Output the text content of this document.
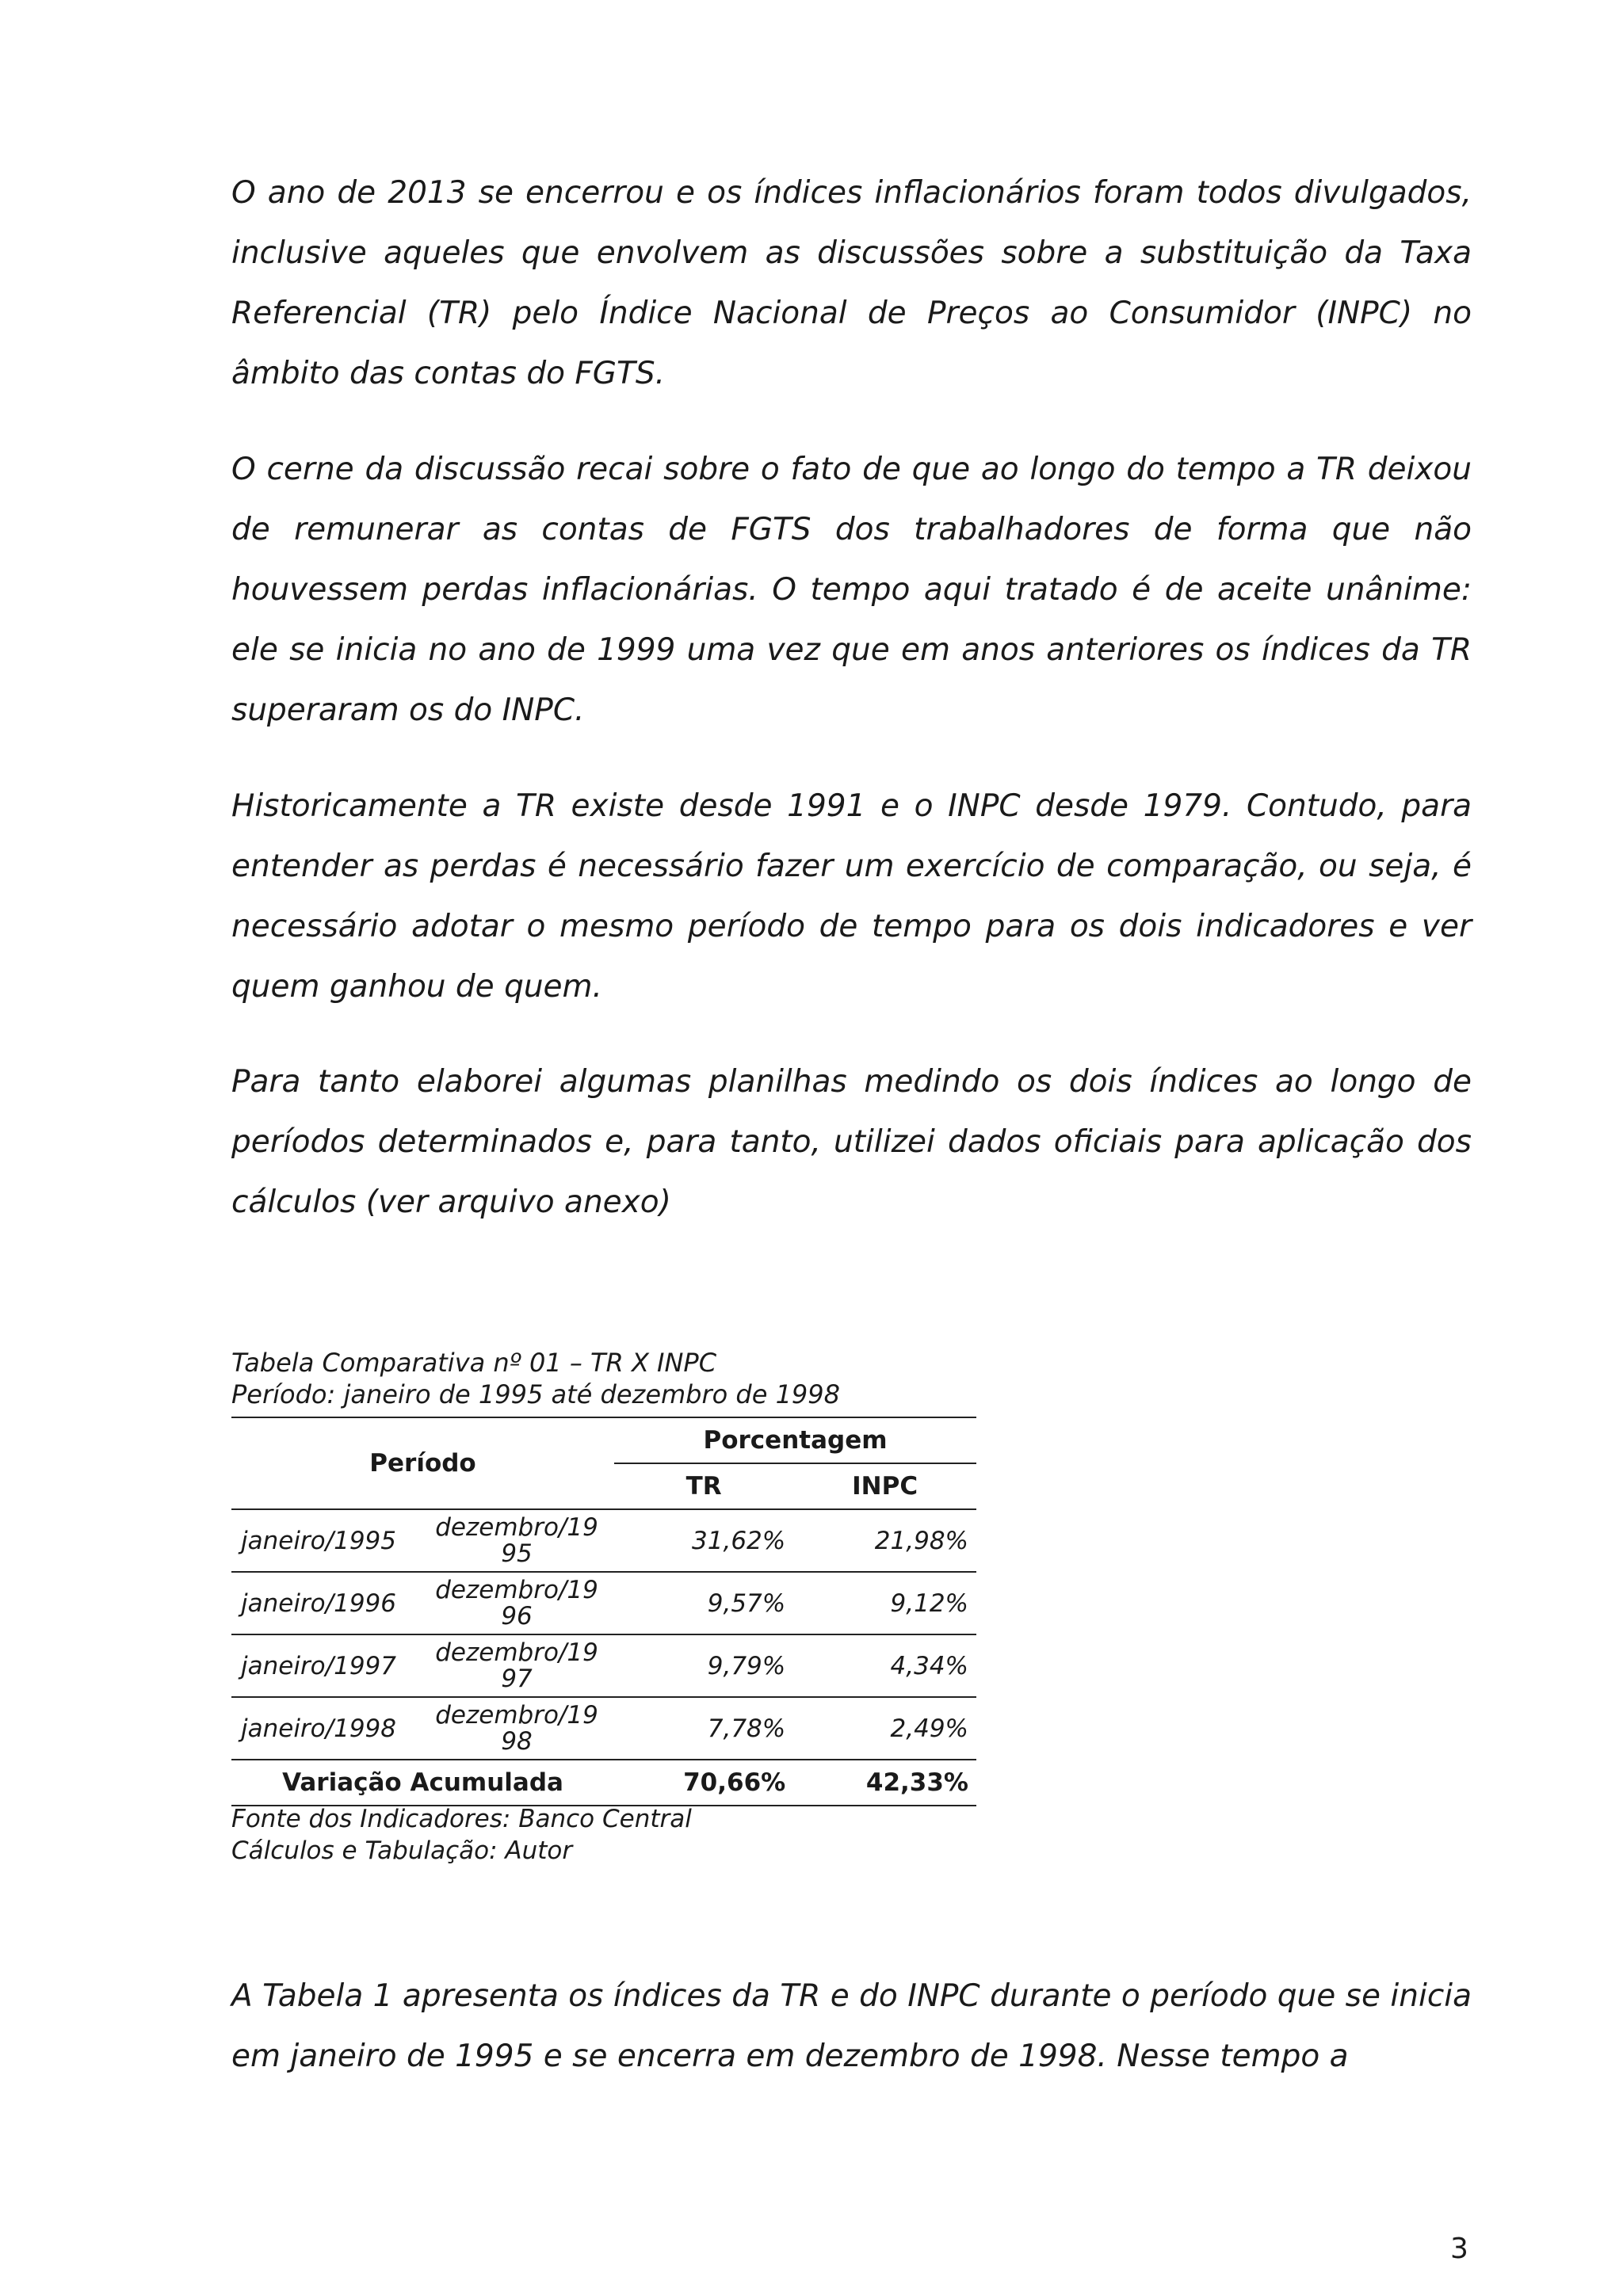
O ano de 2013 se encerrou e os índices inflacionários foram todos divulgados, inclusive aqueles que envolvem as discussões sobre a substituição da Taxa Referencial (TR) pelo Índice Nacional de Preços ao Consumidor (INPC) no âmbito das contas do FGTS.

O cerne da discussão recai sobre o fato de que ao longo do tempo a TR deixou de remunerar as contas de FGTS dos trabalhadores de forma que não houvessem perdas inflacionárias. O tempo aqui tratado é de aceite unânime: ele se inicia no ano de 1999 uma vez que em anos anteriores os índices da TR superaram os do INPC.

Historicamente a TR existe desde 1991 e o INPC desde 1979. Contudo, para entender as perdas é necessário fazer um exercício de comparação, ou seja, é necessário adotar o mesmo período de tempo para os dois indicadores e ver quem ganhou de quem.

Para tanto elaborei algumas planilhas medindo os dois índices ao longo de períodos determinados e, para tanto, utilizei dados oficiais para aplicação dos cálculos (ver arquivo anexo)

Tabela Comparativa nº 01 – TR X INPC

Período: janeiro de 1995 até dezembro de 1998

Período		Porcentagem	
		TR	INPC
janeiro/1995	dezembro/1995	31,62%	21,98%
janeiro/1996	dezembro/1996	9,57%	9,12%
janeiro/1997	dezembro/1997	9,79%	4,34%
janeiro/1998	dezembro/1998	7,78%	2,49%
Variação Acumulada		70,66%	42,33%

Fonte dos Indicadores: Banco Central

Cálculos e Tabulação: Autor

A Tabela 1 apresenta os índices da TR e do INPC durante o período que se inicia em janeiro de 1995 e se encerra em dezembro de 1998. Nesse tempo a

3
